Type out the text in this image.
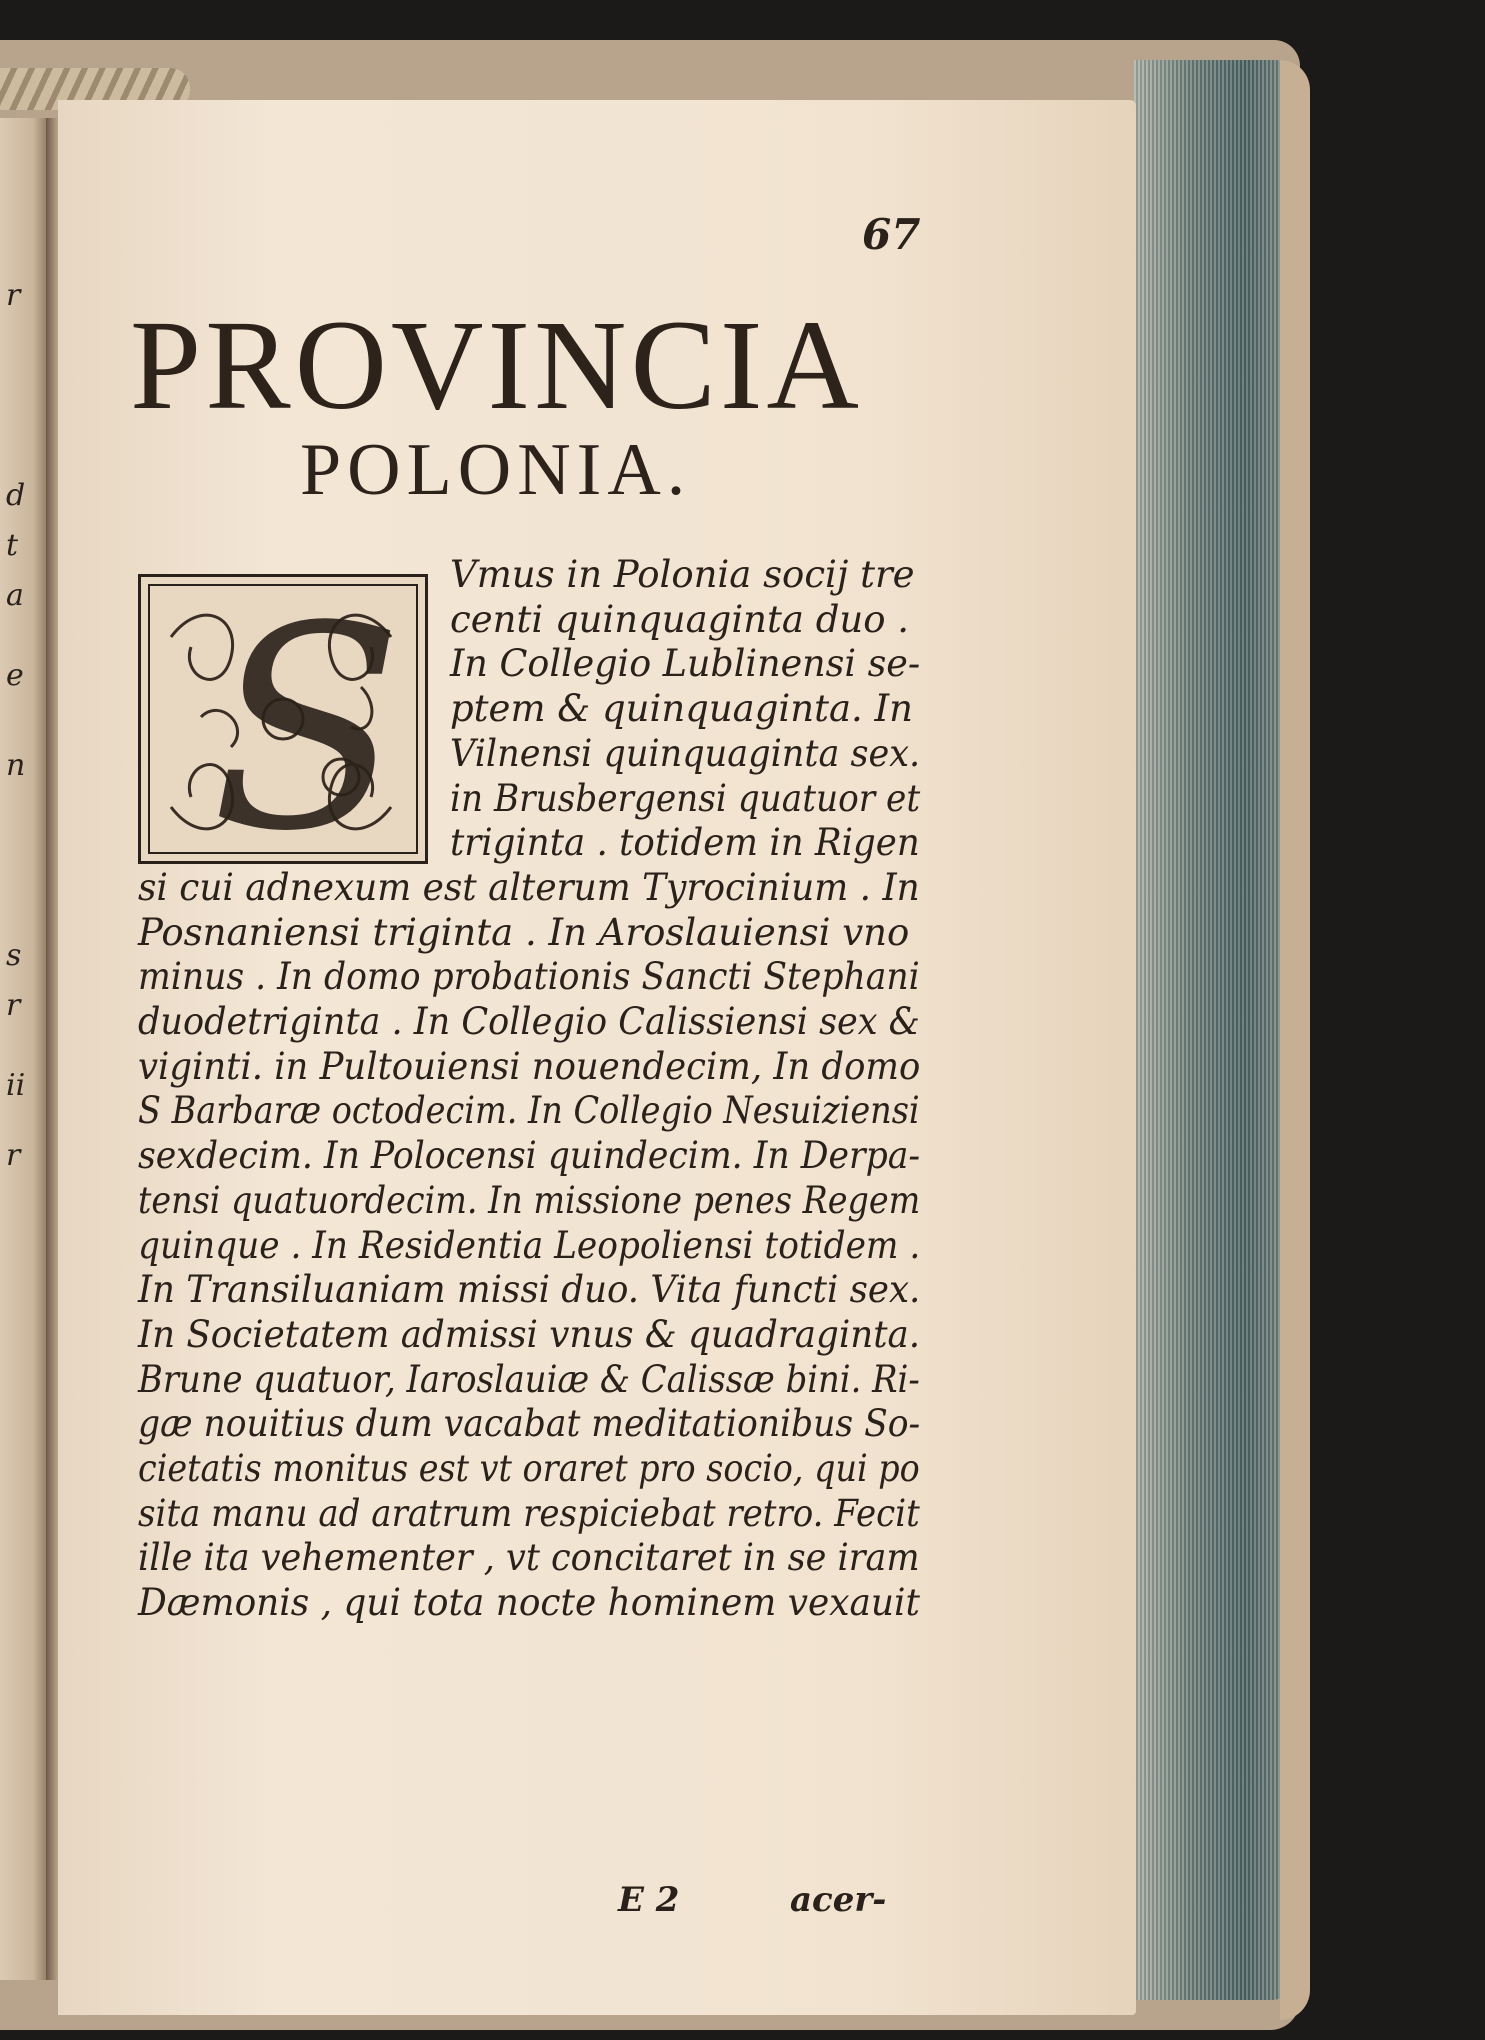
r
d
t
a
e
n
s
r
ii
r
67
PROVINCIA
POLONIA.
S Vmus in Polonia socij tre
centi quinquaginta duo .
In Collegio Lublinensi se-
ptem & quinquaginta. In
Vilnensi quinquaginta sex.
in Brusbergensi quatuor et
triginta . totidem in Rigen
si cui adnexum est alterum Tyrocinium . In
Posnaniensi triginta . In Aroslauiensi vno
minus . In domo probationis Sancti Stephani
duodetriginta . In Collegio Calissiensi sex &
viginti. in Pultouiensi nouendecim, In domo
S Barbaræ octodecim. In Collegio Nesuiziensi
sexdecim. In Polocensi quindecim. In Derpa-
tensi quatuordecim. In missione penes Regem
quinque . In Residentia Leopoliensi totidem .
In Transiluaniam missi duo. Vita functi sex.
In Societatem admissi vnus & quadraginta.
Brune quatuor, Iaroslauiæ & Calissæ bini. Ri-
gæ nouitius dum vacabat meditationibus So-
cietatis monitus est vt oraret pro socio, qui po
sita manu ad aratrum respiciebat retro. Fecit
ille ita vehementer , vt concitaret in se iram
Dæmonis , qui tota nocte hominem vexauit
E 2	acer-
